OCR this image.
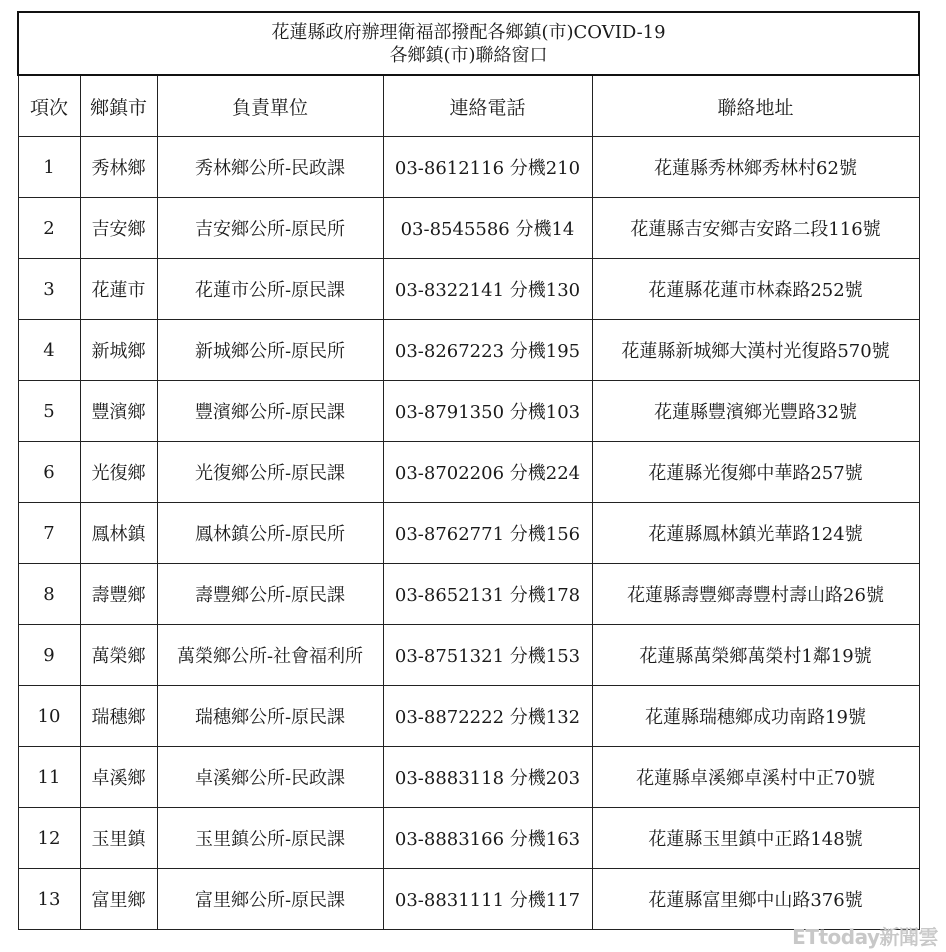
花蓮縣政府辦理衛福部撥配各鄉鎮(市)COVID-19
各鄉鎮(市)聯絡窗口				

項次	鄉鎮市	負責單位	連絡電話	聯絡地址
1	秀林鄉	秀林鄉公所-民政課	03-8612116 分機210	花蓮縣秀林鄉秀林村62號
2	吉安鄉	吉安鄉公所-原民所	03-8545586 分機14	花蓮縣吉安鄉吉安路二段116號
3	花蓮市	花蓮市公所-原民課	03-8322141 分機130	花蓮縣花蓮市林森路252號
4	新城鄉	新城鄉公所-原民所	03-8267223 分機195	花蓮縣新城鄉大漢村光復路570號
5	豐濱鄉	豐濱鄉公所-原民課	03-8791350 分機103	花蓮縣豐濱鄉光豐路32號
6	光復鄉	光復鄉公所-原民課	03-8702206 分機224	花蓮縣光復鄉中華路257號
7	鳳林鎮	鳳林鎮公所-原民所	03-8762771 分機156	花蓮縣鳳林鎮光華路124號
8	壽豐鄉	壽豐鄉公所-原民課	03-8652131 分機178	花蓮縣壽豐鄉壽豐村壽山路26號
9	萬榮鄉	萬榮鄉公所-社會福利所	03-8751321 分機153	花蓮縣萬榮鄉萬榮村1鄰19號
10	瑞穗鄉	瑞穗鄉公所-原民課	03-8872222 分機132	花蓮縣瑞穗鄉成功南路19號
11	卓溪鄉	卓溪鄉公所-民政課	03-8883118 分機203	花蓮縣卓溪鄉卓溪村中正70號
12	玉里鎮	玉里鎮公所-原民課	03-8883166 分機163	花蓮縣玉里鎮中正路148號
13	富里鄉	富里鄉公所-原民課	03-8831111 分機117	花蓮縣富里鄉中山路376號
ETtoday新聞雲
